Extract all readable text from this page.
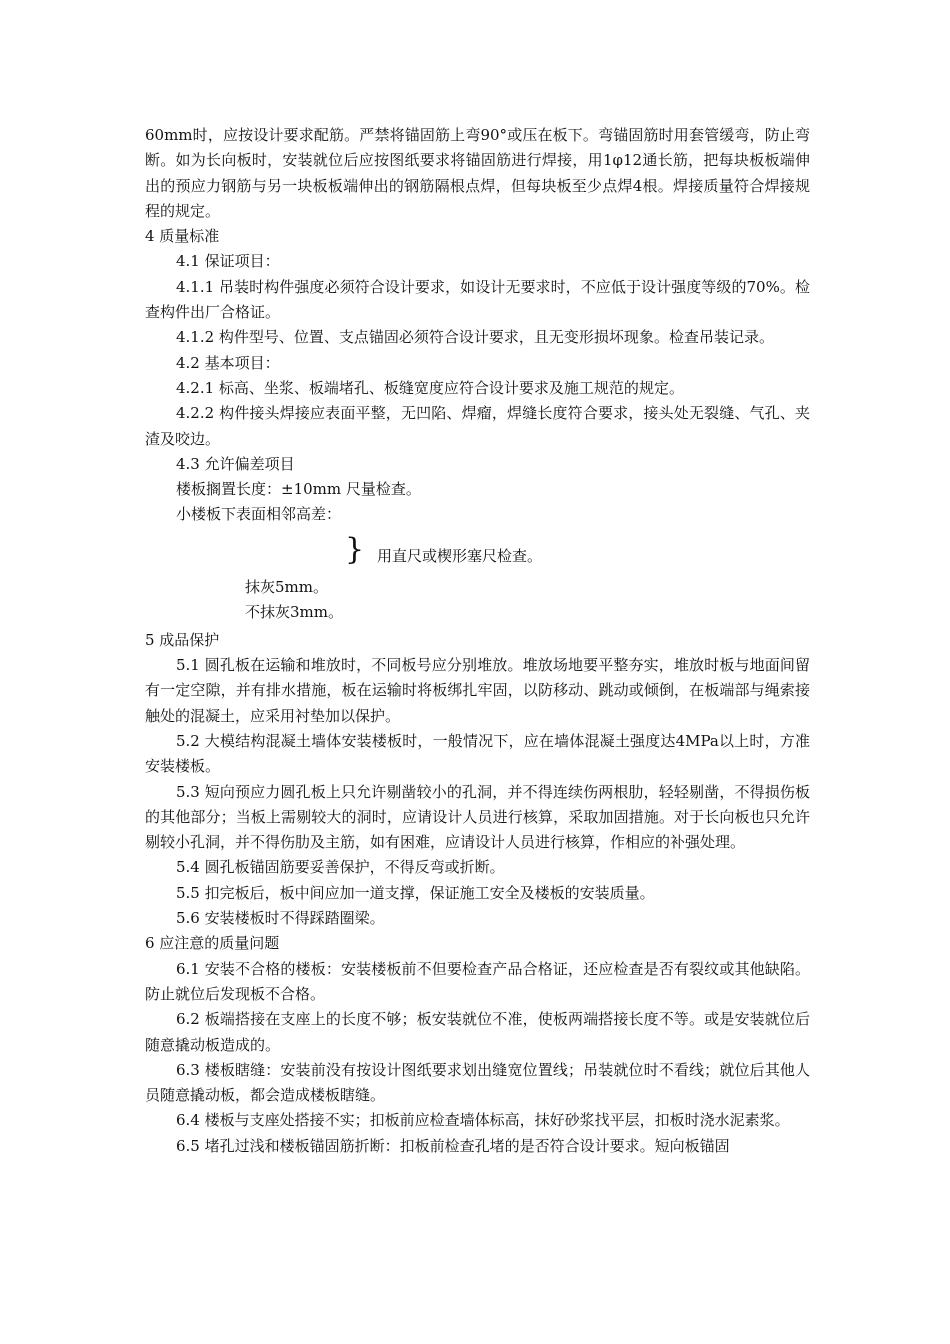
60mm时，应按设计要求配筋。严禁将锚固筋上弯90°或压在板下。弯锚固筋时用套管缓弯，防止弯断。如为长向板时，安装就位后应按图纸要求将锚固筋进行焊接，用1φ12通长筋，把每块板板端伸出的预应力钢筋与另一块板板端伸出的钢筋隔根点焊，但每块板至少点焊4根。焊接质量符合焊接规程的规定。

4 质量标准

4.1 保证项目：

4.1.1 吊装时构件强度必须符合设计要求，如设计无要求时，不应低于设计强度等级的70%。检查构件出厂合格证。

4.1.2 构件型号、位置、支点锚固必须符合设计要求，且无变形损坏现象。检查吊装记录。

4.2 基本项目：

4.2.1 标高、坐浆、板端堵孔、板缝宽度应符合设计要求及施工规范的规定。

4.2.2 构件接头焊接应表面平整，无凹陷、焊瘤，焊缝长度符合要求，接头处无裂缝、气孔、夹渣及咬边。

4.3 允许偏差项目

楼板搁置长度：±10mm 尺量检查。

小楼板下表面相邻高差：

} 用直尺或楔形塞尺检查。
抹灰5mm。
不抹灰3mm。

5 成品保护

5.1 圆孔板在运输和堆放时，不同板号应分别堆放。堆放场地要平整夯实，堆放时板与地面间留有一定空隙，并有排水措施，板在运输时将板绑扎牢固，以防移动、跳动或倾倒，在板端部与绳索接触处的混凝土，应采用衬垫加以保护。

5.2 大模结构混凝土墙体安装楼板时，一般情况下，应在墙体混凝土强度达4MPa以上时，方准安装楼板。

5.3 短向预应力圆孔板上只允许剔凿较小的孔洞，并不得连续伤两根肋，轻轻剔凿，不得损伤板的其他部分；当板上需剔较大的洞时，应请设计人员进行核算，采取加固措施。对于长向板也只允许剔较小孔洞，并不得伤肋及主筋，如有困难，应请设计人员进行核算，作相应的补强处理。

5.4 圆孔板锚固筋要妥善保护，不得反弯或折断。

5.5 扣完板后，板中间应加一道支撑，保证施工安全及楼板的安装质量。

5.6 安装楼板时不得踩踏圈梁。

6 应注意的质量问题

6.1 安装不合格的楼板：安装楼板前不但要检查产品合格证，还应检查是否有裂纹或其他缺陷。防止就位后发现板不合格。

6.2 板端搭接在支座上的长度不够；板安装就位不准，使板两端搭接长度不等。或是安装就位后随意撬动板造成的。

6.3 楼板瞎缝：安装前没有按设计图纸要求划出缝宽位置线；吊装就位时不看线；就位后其他人员随意撬动板，都会造成楼板瞎缝。

6.4 楼板与支座处搭接不实；扣板前应检查墙体标高，抹好砂浆找平层，扣板时浇水泥素浆。

6.5 堵孔过浅和楼板锚固筋折断：扣板前检查孔堵的是否符合设计要求。短向板锚固
